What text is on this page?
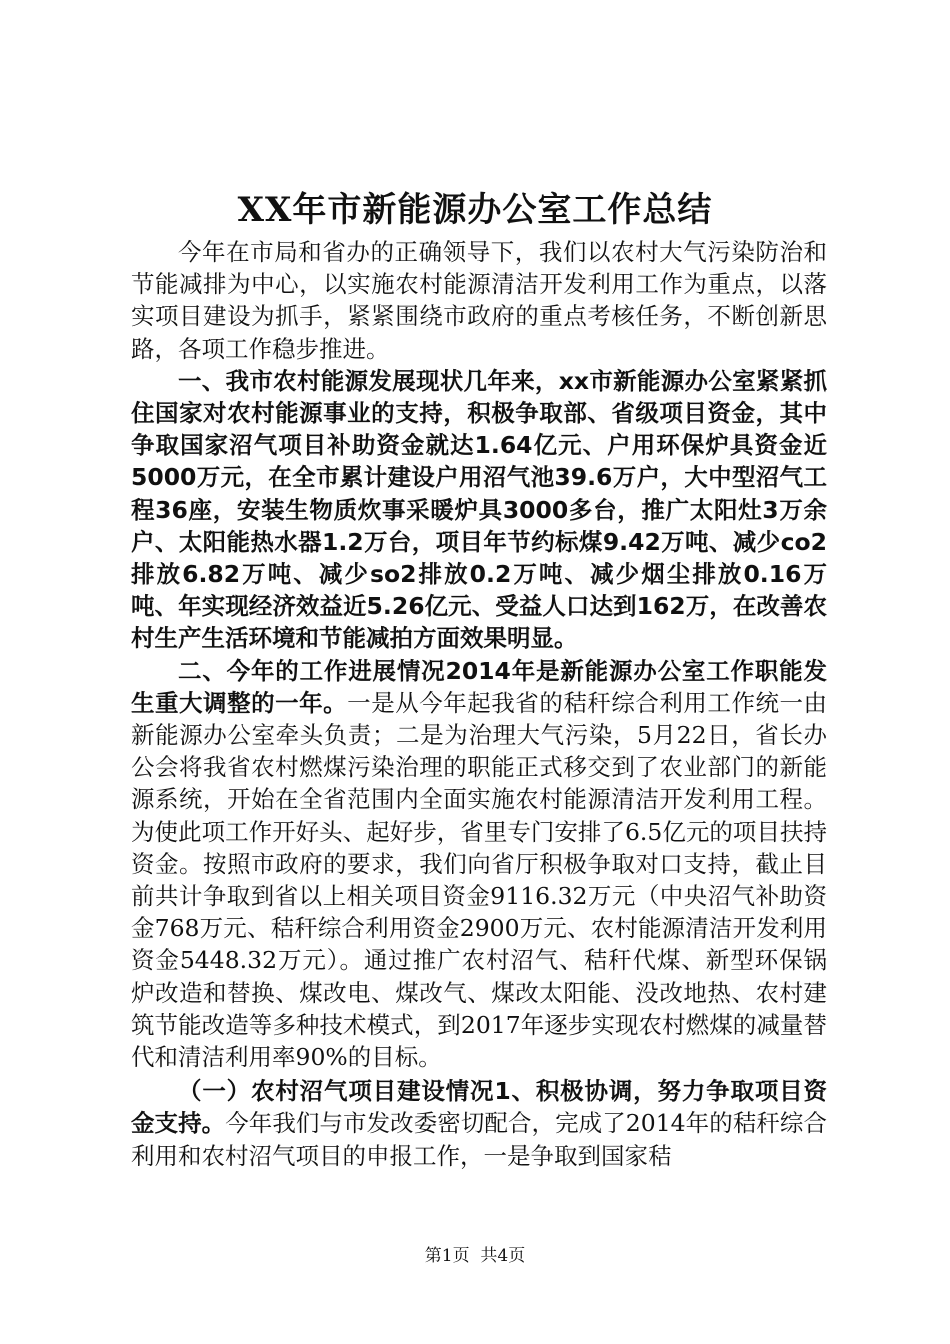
XX年市新能源办公室工作总结

今年在市局和省办的正确领导下，我们以农村大气污染防治和节能减排为中心，以实施农村能源清洁开发利用工作为重点，以落实项目建设为抓手，紧紧围绕市政府的重点考核任务，不断创新思路，各项工作稳步推进。

一、我市农村能源发展现状几年来，xx市新能源办公室紧紧抓住国家对农村能源事业的支持，积极争取部、省级项目资金，其中争取国家沼气项目补助资金就达1.64亿元、户用环保炉具资金近5000万元，在全市累计建设户用沼气池39.6万户，大中型沼气工程36座，安装生物质炊事采暖炉具3000多台，推广太阳灶3万余户、太阳能热水器1.2万台，项目年节约标煤9.42万吨、减少co2排放6.82万吨、减少so2排放0.2万吨、减少烟尘排放0.16万吨、年实现经济效益近5.26亿元、受益人口达到162万，在改善农村生产生活环境和节能减拍方面效果明显。

二、今年的工作进展情况2014年是新能源办公室工作职能发生重大调整的一年。一是从今年起我省的秸秆综合利用工作统一由新能源办公室牵头负责；二是为治理大气污染，5月22日，省长办公会将我省农村燃煤污染治理的职能正式移交到了农业部门的新能源系统，开始在全省范围内全面实施农村能源清洁开发利用工程。为使此项工作开好头、起好步，省里专门安排了6.5亿元的项目扶持资金。按照市政府的要求，我们向省厅积极争取对口支持，截止目前共计争取到省以上相关项目资金9116.32万元（中央沼气补助资金768万元、秸秆综合利用资金2900万元、农村能源清洁开发利用资金5448.32万元）。通过推广农村沼气、秸秆代煤、新型环保锅炉改造和替换、煤改电、煤改气、煤改太阳能、没改地热、农村建筑节能改造等多种技术模式，到2017年逐步实现农村燃煤的减量替代和清洁利用率90%的目标。

（一）农村沼气项目建设情况1、积极协调，努力争取项目资金支持。今年我们与市发改委密切配合，完成了2014年的秸秆综合利用和农村沼气项目的申报工作，一是争取到国家秸

第1页 共4页
